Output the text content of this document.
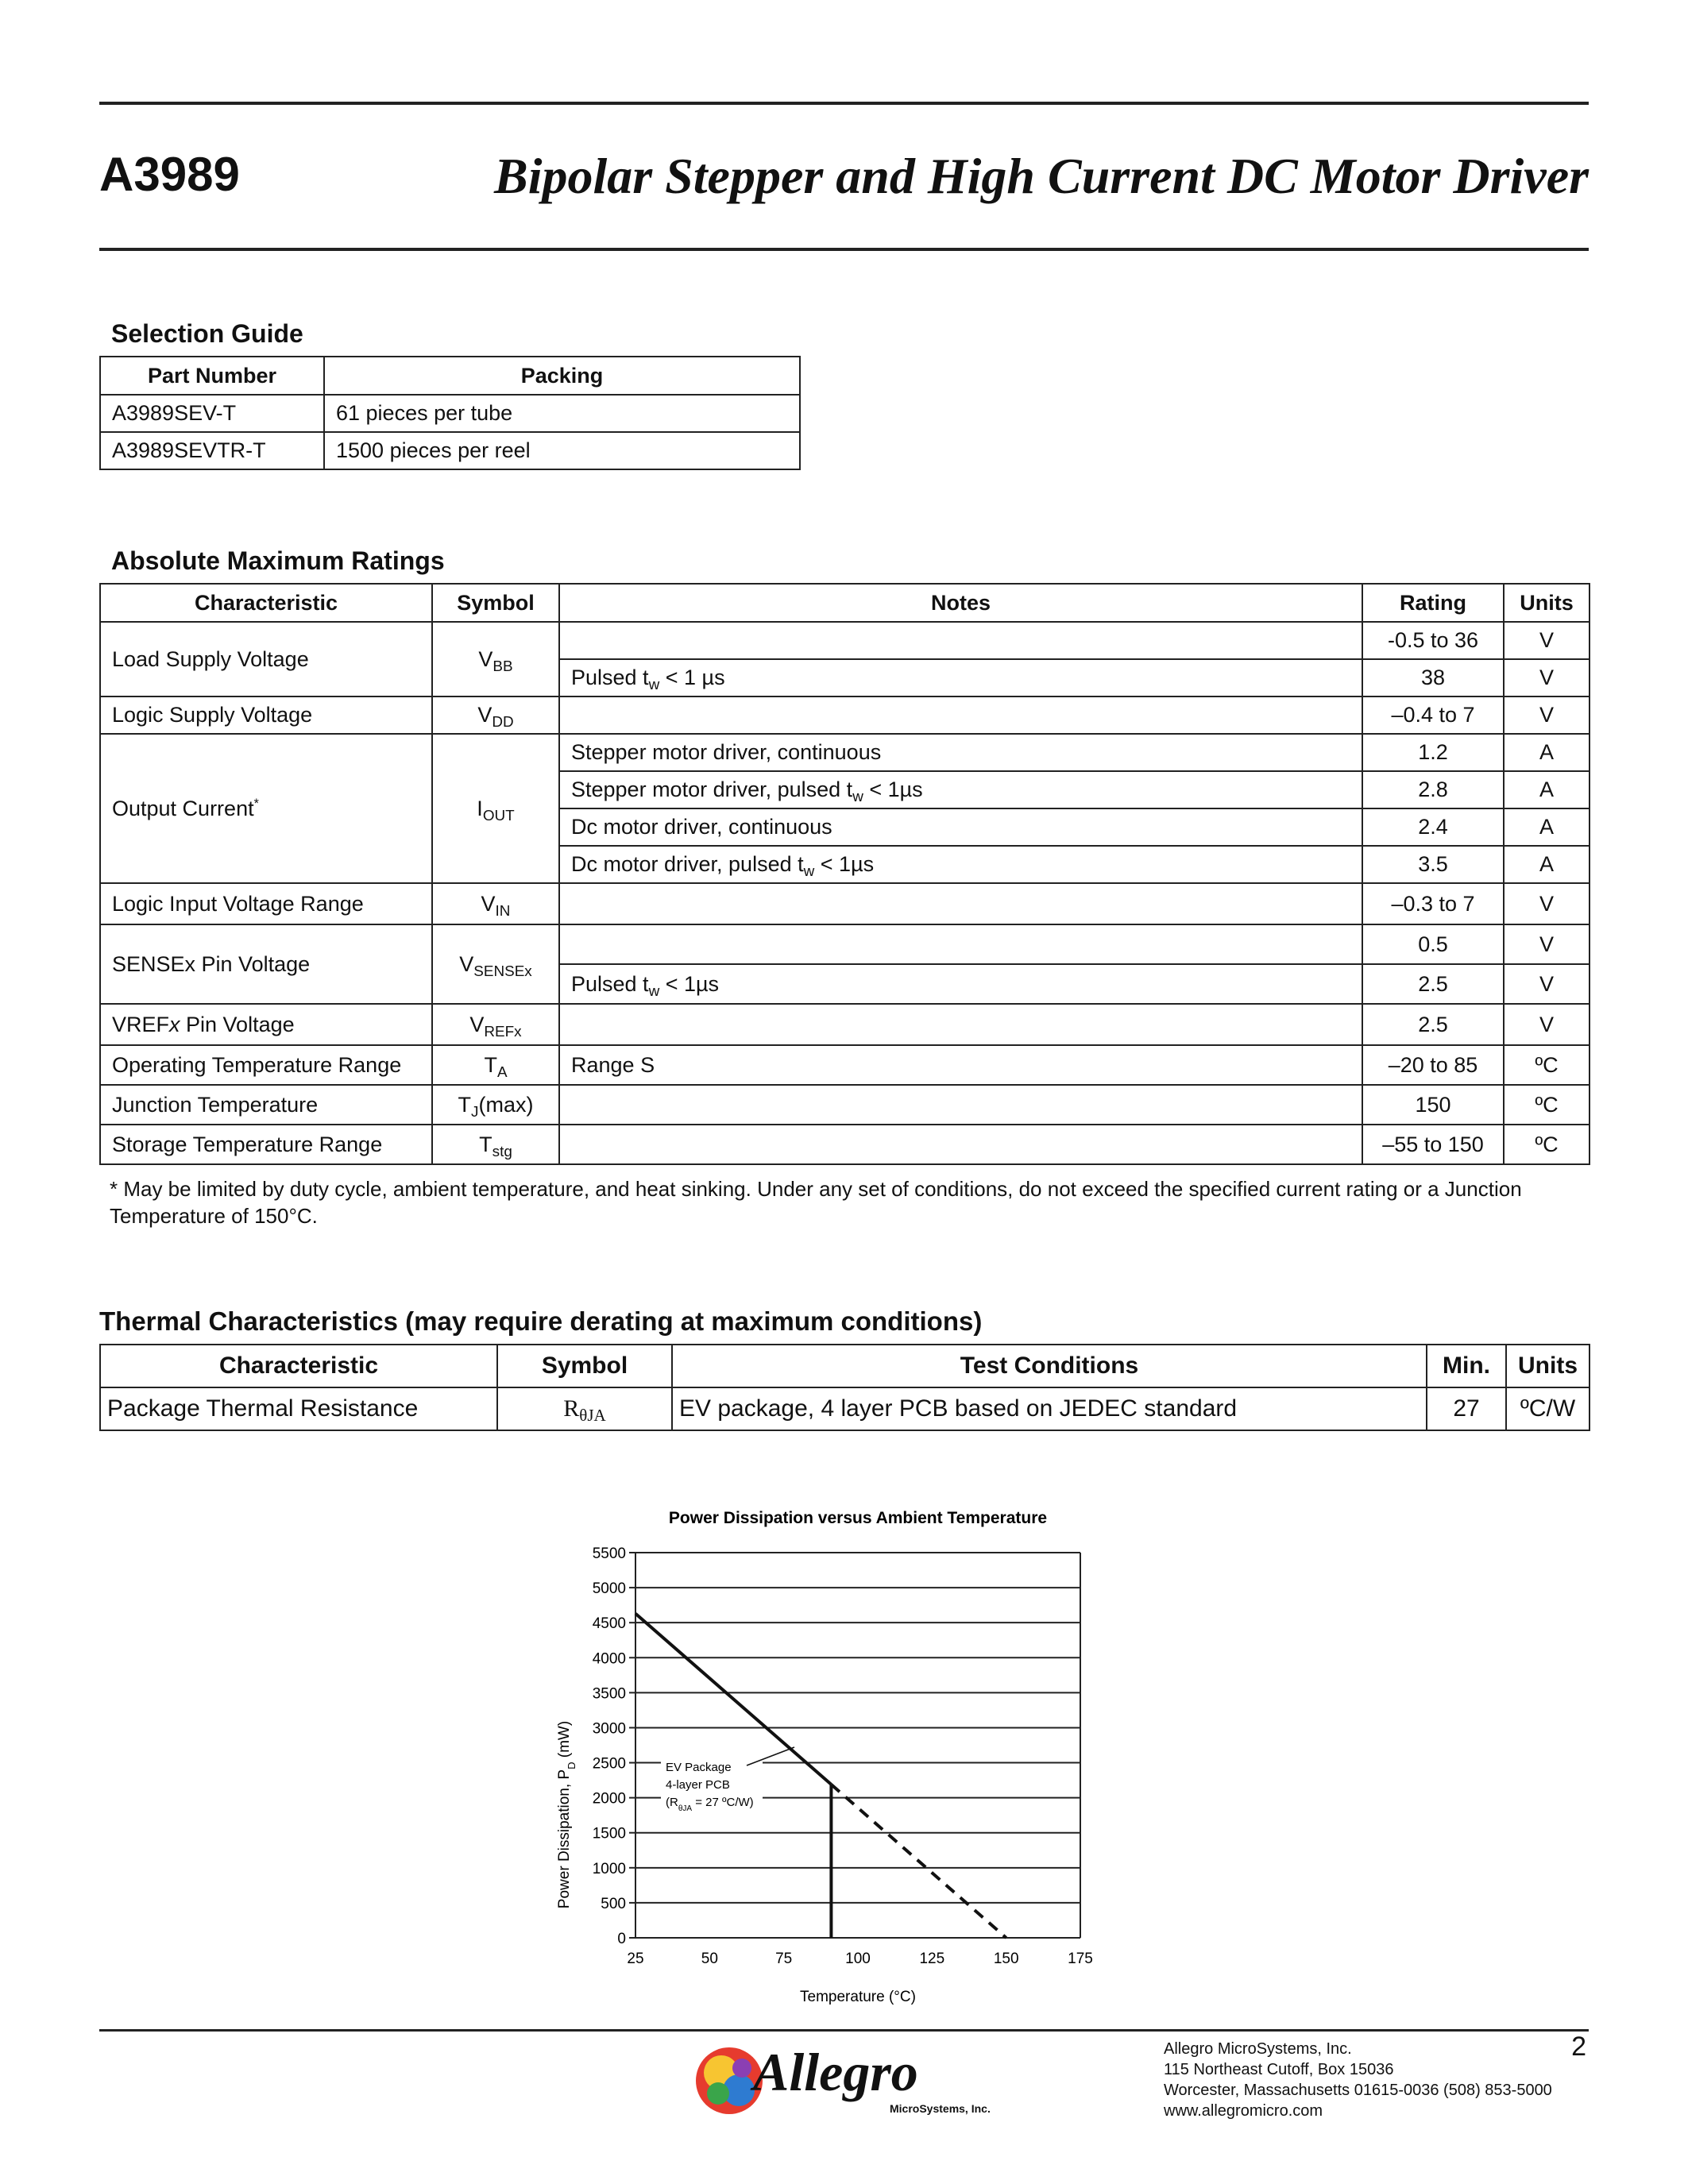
A3989	Bipolar Stepper and High Current DC Motor Driver
Selection Guide
Part Number	Packing
A3989SEV-T	61 pieces per tube
A3989SEVTR-T	1500 pieces per reel
Absolute Maximum Ratings
Characteristic	Symbol	Notes	Rating	Units
Load Supply Voltage	$V_{BB}$		-0.5 to 36	V
		Pulsed $t_w < 1$ µs	38	V
Logic Supply Voltage	$V_{DD}$		–0.4 to 7	V
Output Current*	$I_{OUT}$	Stepper motor driver, continuous	1.2	A
		Stepper motor driver, pulsed $t_w < 1\mu s$	2.8	A
		Dc motor driver, continuous	2.4	A
		Dc motor driver, pulsed $t_w < 1\mu s$	3.5	A
Logic Input Voltage Range	$V_{IN}$		–0.3 to 7	V
SENSEx Pin Voltage	$V_{SENSEx}$		0.5	V
		Pulsed $t_w < 1\mu s$	2.5	V
VREFx Pin Voltage	$V_{REFx}$		2.5	V
Operating Temperature Range	$T_A$	Range S	–20 to 85	ºC
Junction Temperature	$T_J(\max)$		150	ºC
Storage Temperature Range	$T_{stg}$		–55 to 150	ºC
* May be limited by duty cycle, ambient temperature, and heat sinking. Under any set of conditions, do not exceed the specified current rating or a Junction Temperature of 150°C.
Thermal Characteristics (may require derating at maximum conditions)
Characteristic	Symbol	Test Conditions	Min.	Units
Package Thermal Resistance	$R_{\theta JA}$	EV package, 4 layer PCB based on JEDEC standard	27	ºC/W
Power Dissipation versus Ambient Temperature
0
500
1000
1500
2000
2500
3000
3500
4000
4500
5000
5500
25	50	75	100	125	150	175
Temperature (°C)
Power Dissipation, $P_D$ (mW)
EV Package
4-layer PCB
($R_{\theta JA} = 27$ ºC/W)
Allegro
MicroSystems, Inc.
Allegro MicroSystems, Inc.
115 Northeast Cutoff, Box 15036
Worcester, Massachusetts 01615-0036 (508) 853-5000
www.allegromicro.com
2
